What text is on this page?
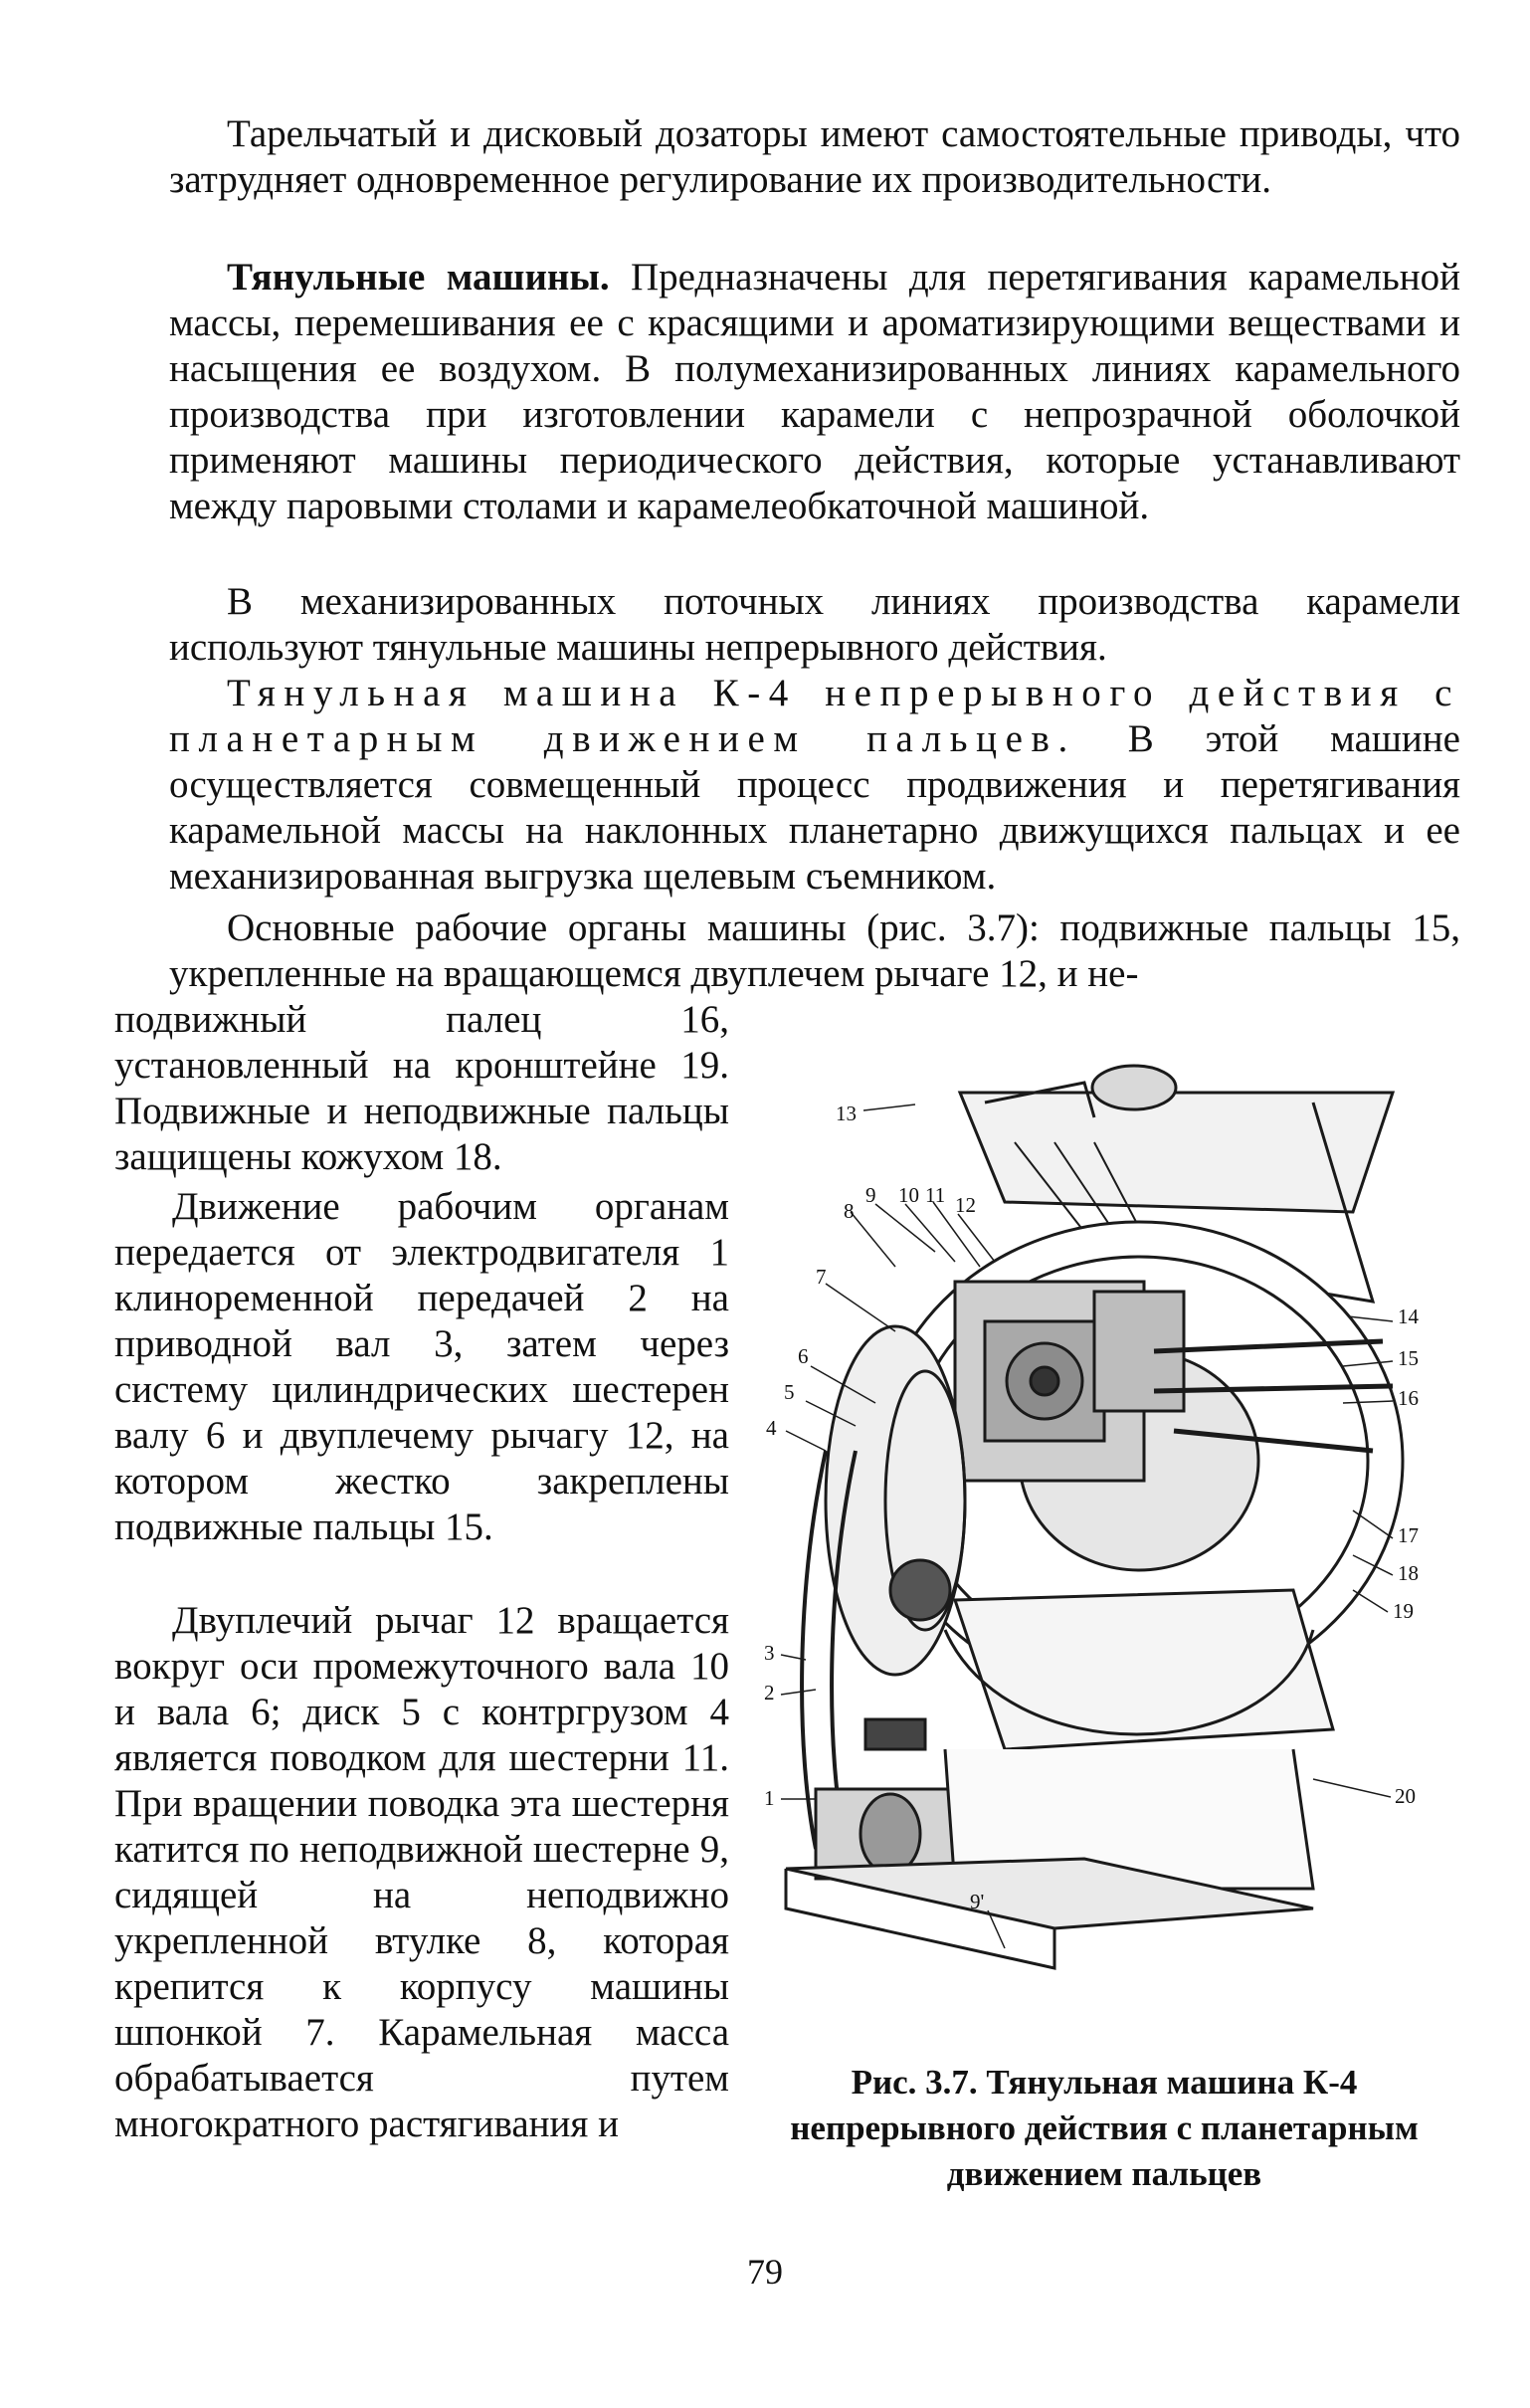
Тарельчатый и дисковый дозаторы имеют самостоятельные приводы, что затрудняет одновременное регулирование их производительности.

Тянульные машины. Предназначены для перетягивания карамельной массы, перемешивания ее с красящими и ароматизирующими веществами и насыщения ее воздухом. В полумеханизированных линиях карамельного производства при изготовлении карамели с непрозрачной оболочкой применяют машины периодического действия, которые устанавливают между паровыми столами и карамелеобкаточной машиной.

В механизированных поточных линиях производства карамели используют тянульные машины непрерывного действия.

Тянульная машина К-4 непрерывного действия с планетарным движением пальцев. В этой машине осуществляется совмещенный процесс продвижения и перетягивания карамельной массы на наклонных планетарно движущихся пальцах и ее механизированная выгрузка щелевым съемником.

Основные рабочие органы машины (рис. 3.7): подвижные пальцы 15, укрепленные на вращающемся двуплечем рычаге 12, и не-

подвижный палец 16, установленный на кронштейне 19. Подвижные и неподвижные пальцы защищены кожухом 18.

Движение рабочим органам передается от электродвигателя 1 клиноременной передачей 2 на приводной вал 3, затем через систему цилиндрических шестерен валу 6 и двуплечему рычагу 12, на котором жестко закреплены подвижные пальцы 15.

Двуплечий рычаг 12 вращается вокруг оси промежуточного вала 10 и вала 6; диск 5 с контргрузом 4 является поводком для шестерни 11. При вращении поводка эта шестерня катится по неподвижной шестерне 9, сидящей на неподвижно укрепленной втулке 8, которая крепится к корпусу машины шпонкой 7. Карамельная масса обрабатывается путем многократного растягивания и

13
9
8
10 11 12
7
6
5
4
14
15
16
17
18
19
3
2
1	20
9'
Рис. 3.7. Тянульная машина К-4
непрерывного действия с планетарным
движением пальцев

79
